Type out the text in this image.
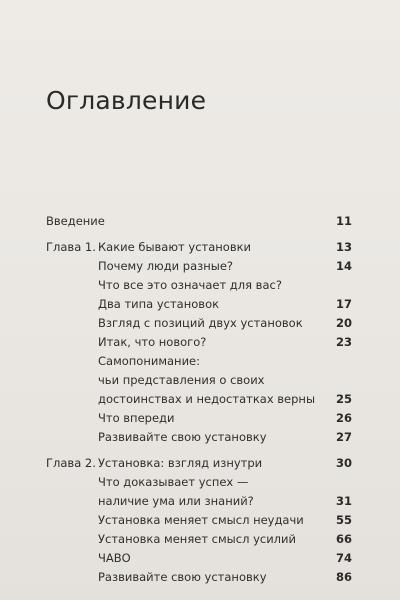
Оглавление
Введение	11
Глава 1. Какие бывают установки	13
Почему люди разные?	14
Что все это означает для вас?
Два типа установок	17
Взгляд с позиций двух установок	20
Итак, что нового?	23
Самопонимание:
чьи представления о своих
достоинствах и недостатках верны	25
Что впереди	26
Развивайте свою установку	27
Глава 2. Установка: взгляд изнутри	30
Что доказывает успех —
наличие ума или знаний?	31
Установка меняет смысл неудачи	55
Установка меняет смысл усилий	66
ЧАВО	74
Развивайте свою установку	86
